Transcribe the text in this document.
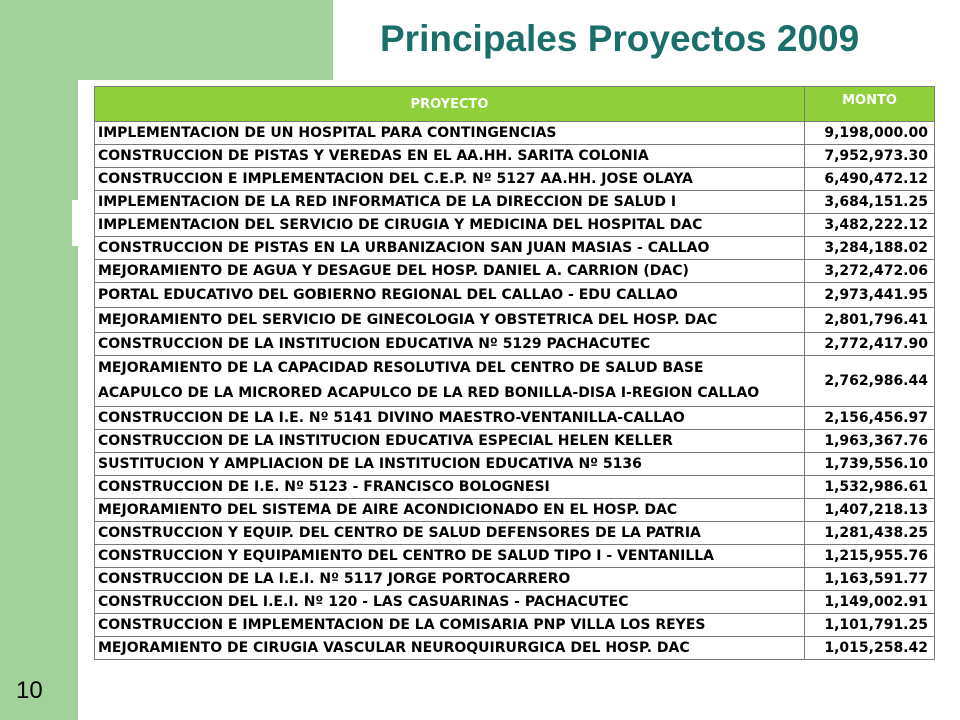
Principales Proyectos 2009
PROYECTO	MONTO

IMPLEMENTACION DE UN HOSPITAL PARA CONTINGENCIAS	9,198,000.00
CONSTRUCCION DE PISTAS Y VEREDAS EN EL AA.HH. SARITA COLONIA	7,952,973.30
CONSTRUCCION E IMPLEMENTACION DEL C.E.P. Nº 5127 AA.HH. JOSE OLAYA	6,490,472.12
IMPLEMENTACION DE LA RED INFORMATICA DE LA DIRECCION DE SALUD I	3,684,151.25
IMPLEMENTACION DEL SERVICIO DE CIRUGIA Y MEDICINA DEL HOSPITAL DAC	3,482,222.12
CONSTRUCCION DE PISTAS EN LA URBANIZACION SAN JUAN MASIAS - CALLAO	3,284,188.02
MEJORAMIENTO DE AGUA Y DESAGUE DEL HOSP. DANIEL A. CARRION (DAC)	3,272,472.06
PORTAL EDUCATIVO DEL GOBIERNO REGIONAL DEL CALLAO - EDU CALLAO	2,973,441.95
MEJORAMIENTO DEL SERVICIO DE GINECOLOGIA Y OBSTETRICA DEL HOSP. DAC	2,801,796.41
CONSTRUCCION DE LA INSTITUCION EDUCATIVA Nº 5129 PACHACUTEC	2,772,417.90

MEJORAMIENTO DE LA CAPACIDAD RESOLUTIVA DEL CENTRO DE SALUD BASE
ACAPULCO DE LA MICRORED ACAPULCO DE LA RED BONILLA-DISA I-REGION CALLAO	2,762,986.44
CONSTRUCCION DE LA I.E. Nº 5141 DIVINO MAESTRO-VENTANILLA-CALLAO	2,156,456.97
CONSTRUCCION DE LA INSTITUCION EDUCATIVA ESPECIAL HELEN KELLER	1,963,367.76
SUSTITUCION Y AMPLIACION DE LA INSTITUCION EDUCATIVA Nº 5136	1,739,556.10
CONSTRUCCION DE I.E. Nº 5123 - FRANCISCO BOLOGNESI	1,532,986.61
MEJORAMIENTO DEL SISTEMA DE AIRE ACONDICIONADO EN EL HOSP. DAC	1,407,218.13
CONSTRUCCION Y EQUIP. DEL CENTRO DE SALUD DEFENSORES DE LA PATRIA	1,281,438.25
CONSTRUCCION Y EQUIPAMIENTO DEL CENTRO DE SALUD TIPO I - VENTANILLA	1,215,955.76
CONSTRUCCION DE LA I.E.I. Nº 5117 JORGE PORTOCARRERO	1,163,591.77
CONSTRUCCION DEL I.E.I. Nº 120 - LAS CASUARINAS - PACHACUTEC	1,149,002.91
CONSTRUCCION E IMPLEMENTACION DE LA COMISARIA PNP VILLA LOS REYES	1,101,791.25
MEJORAMIENTO DE CIRUGIA VASCULAR NEUROQUIRURGICA DEL HOSP. DAC	1,015,258.42
10
